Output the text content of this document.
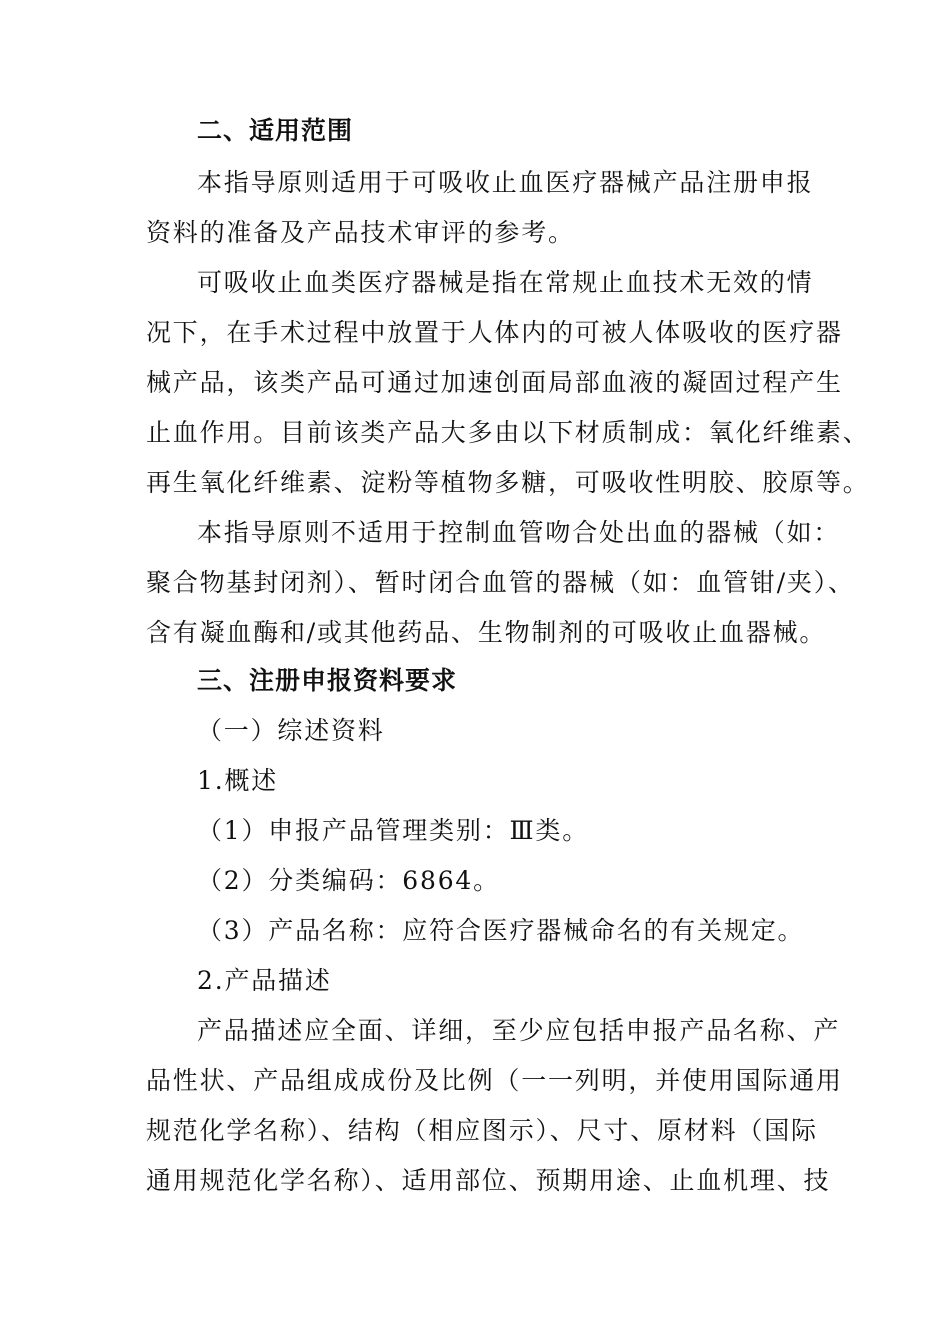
二、适用范围
本指导原则适用于可吸收止血医疗器械产品注册申报
资料的准备及产品技术审评的参考。
可吸收止血类医疗器械是指在常规止血技术无效的情
况下，在手术过程中放置于人体内的可被人体吸收的医疗器
械产品，该类产品可通过加速创面局部血液的凝固过程产生
止血作用。目前该类产品大多由以下材质制成：氧化纤维素、
再生氧化纤维素、淀粉等植物多糖，可吸收性明胶、胶原等。
本指导原则不适用于控制血管吻合处出血的器械（如：
聚合物基封闭剂）、暂时闭合血管的器械（如：血管钳/夹）、
含有凝血酶和/或其他药品、生物制剂的可吸收止血器械。
三、注册申报资料要求
（一）综述资料
1.概述
（1）申报产品管理类别：Ⅲ类。
（2）分类编码：6864。
（3）产品名称：应符合医疗器械命名的有关规定。
2.产品描述
产品描述应全面、详细，至少应包括申报产品名称、产
品性状、产品组成成份及比例（一一列明，并使用国际通用
规范化学名称）、结构（相应图示）、尺寸、原材料（国际
通用规范化学名称）、适用部位、预期用途、止血机理、技
